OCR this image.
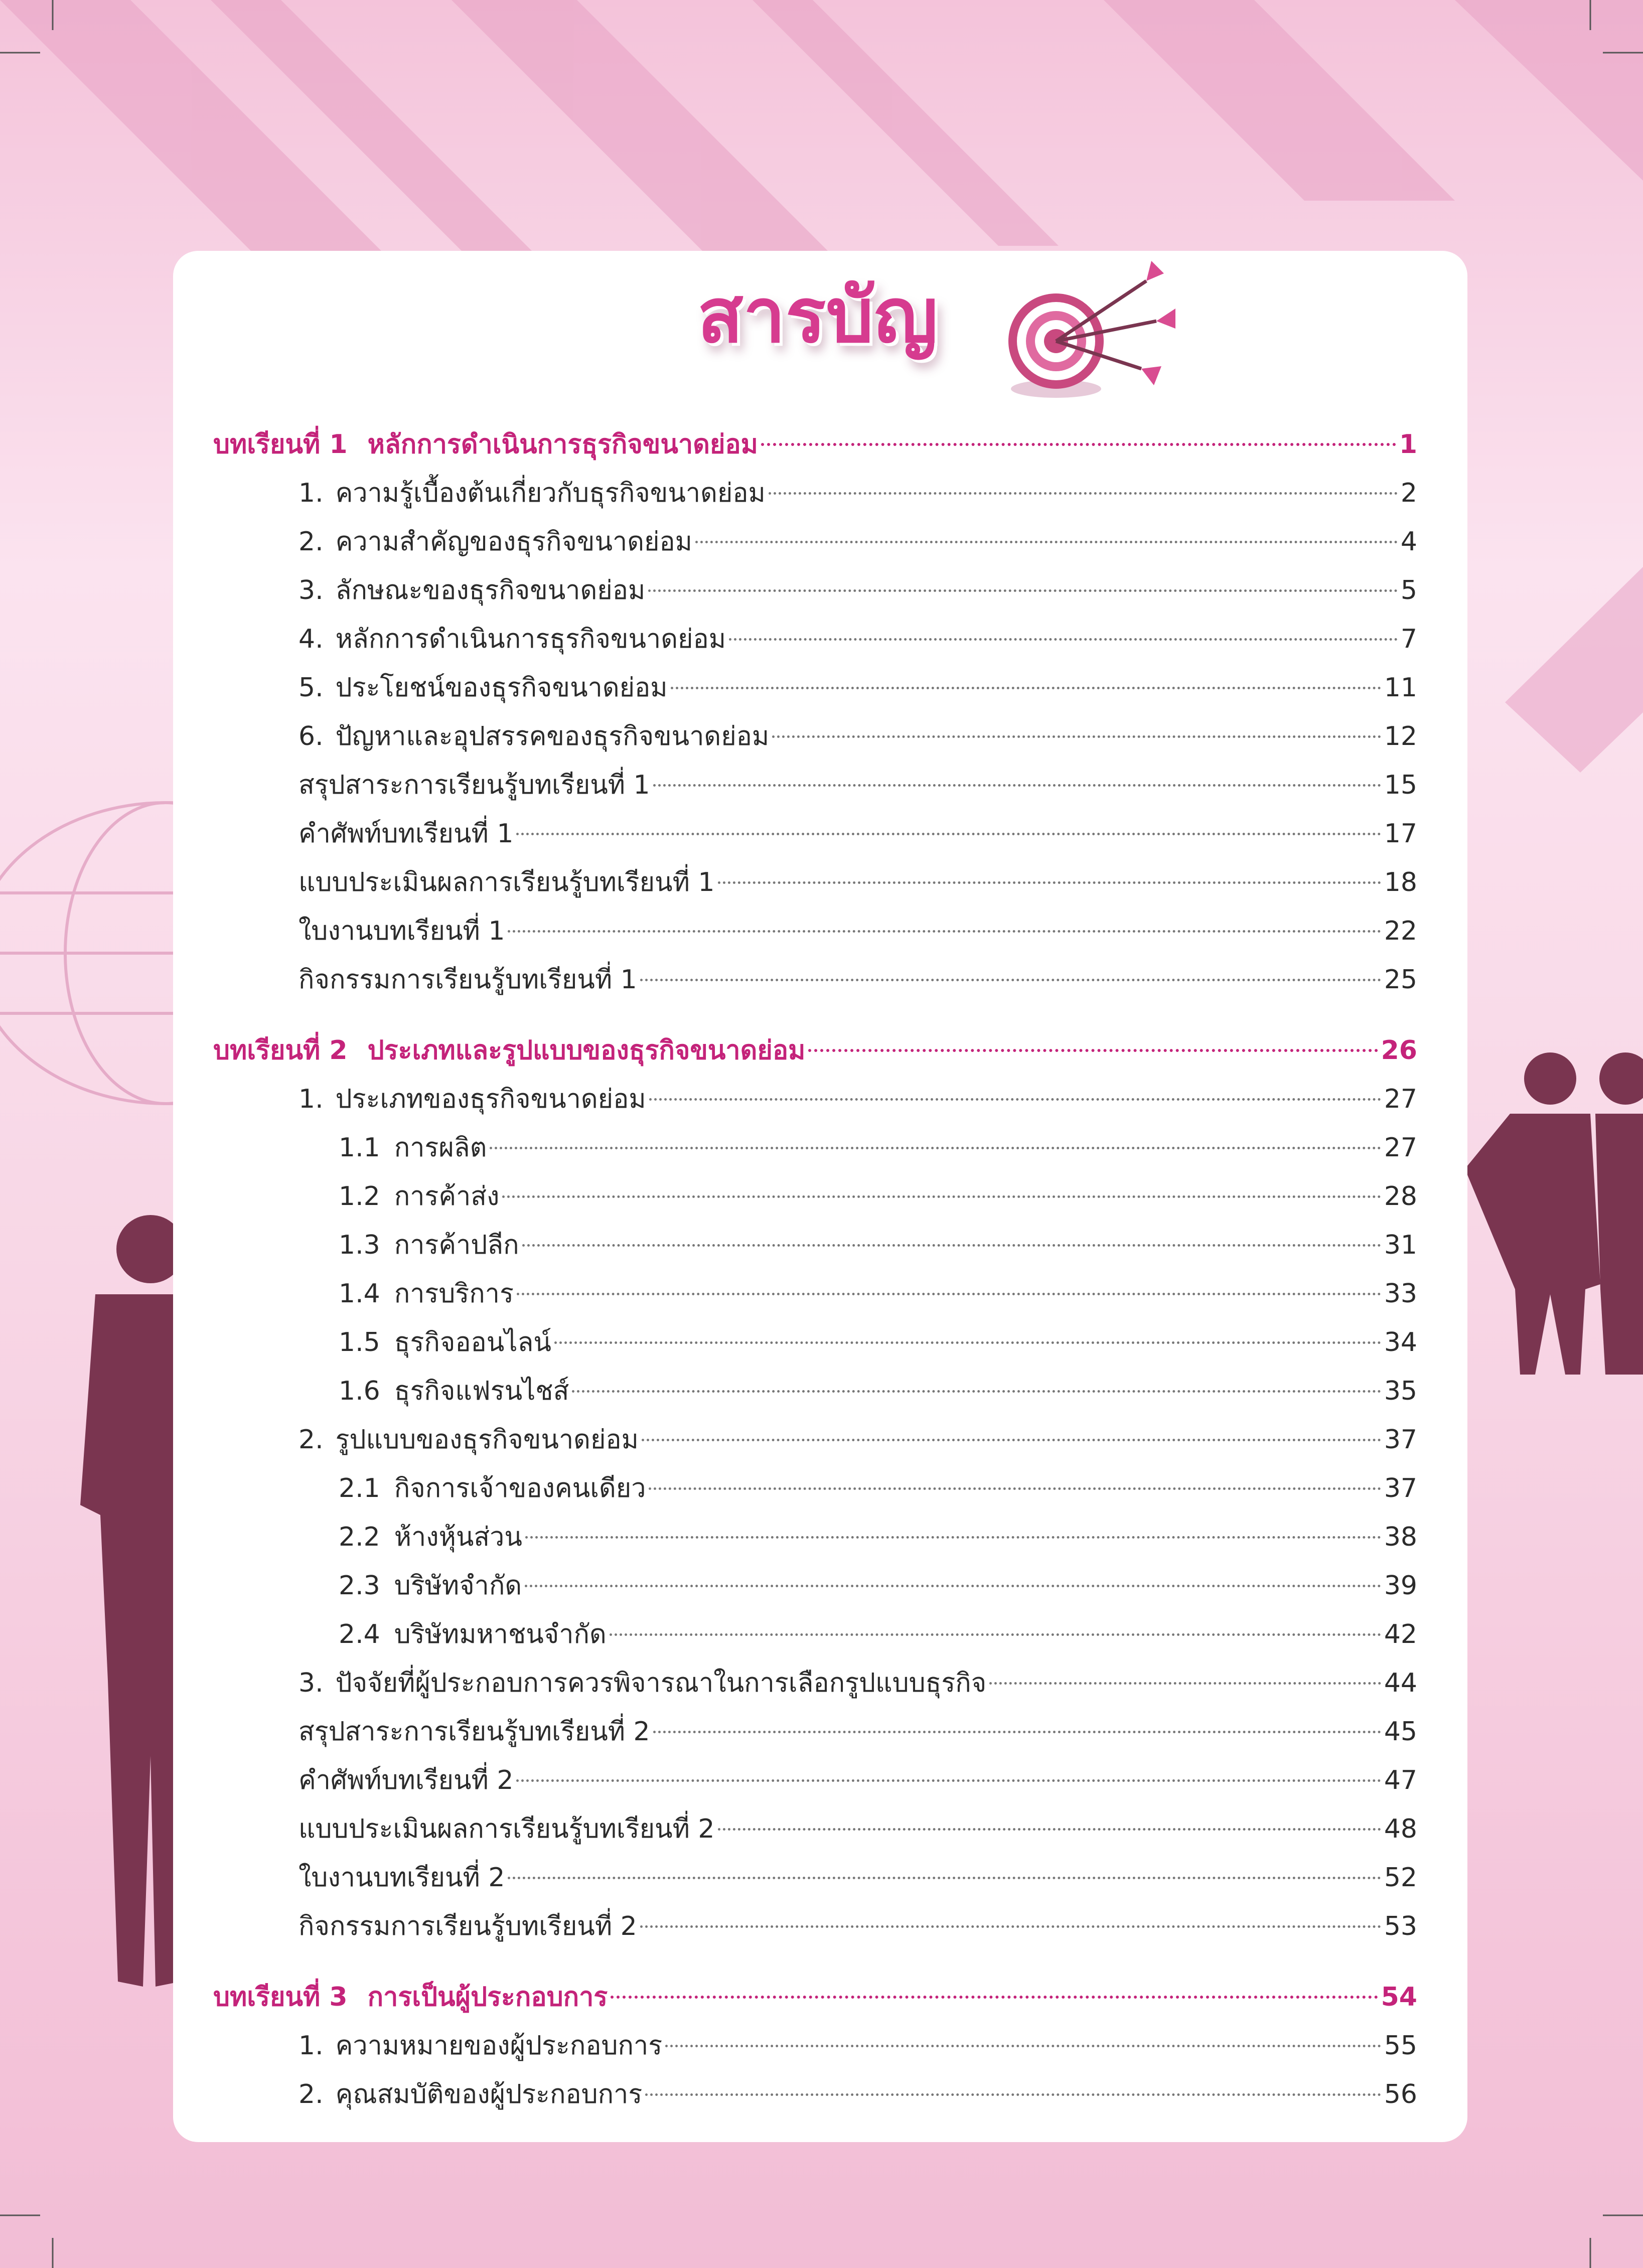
สารบัญ
บทเรียนที่ 1 หลักการดำเนินการธุรกิจขนาดย่อม	1
1. ความรู้เบื้องต้นเกี่ยวกับธุรกิจขนาดย่อม	2
2. ความสำคัญของธุรกิจขนาดย่อม	4
3. ลักษณะของธุรกิจขนาดย่อม	5
4. หลักการดำเนินการธุรกิจขนาดย่อม	7
5. ประโยชน์ของธุรกิจขนาดย่อม	11
6. ปัญหาและอุปสรรคของธุรกิจขนาดย่อม	12
สรุปสาระการเรียนรู้บทเรียนที่ 1	15
คำศัพท์บทเรียนที่ 1	17
แบบประเมินผลการเรียนรู้บทเรียนที่ 1	18
ใบงานบทเรียนที่ 1	22
กิจกรรมการเรียนรู้บทเรียนที่ 1	25
บทเรียนที่ 2 ประเภทและรูปแบบของธุรกิจขนาดย่อม	26
1. ประเภทของธุรกิจขนาดย่อม	27
1.1 การผลิต	27
1.2 การค้าส่ง	28
1.3 การค้าปลีก	31
1.4 การบริการ	33
1.5 ธุรกิจออนไลน์	34
1.6 ธุรกิจแฟรนไชส์	35
2. รูปแบบของธุรกิจขนาดย่อม	37
2.1 กิจการเจ้าของคนเดียว	37
2.2 ห้างหุ้นส่วน	38
2.3 บริษัทจำกัด	39
2.4 บริษัทมหาชนจำกัด	42
3. ปัจจัยที่ผู้ประกอบการควรพิจารณาในการเลือกรูปแบบธุรกิจ	44
สรุปสาระการเรียนรู้บทเรียนที่ 2	45
คำศัพท์บทเรียนที่ 2	47
แบบประเมินผลการเรียนรู้บทเรียนที่ 2	48
ใบงานบทเรียนที่ 2	52
กิจกรรมการเรียนรู้บทเรียนที่ 2	53
บทเรียนที่ 3 การเป็นผู้ประกอบการ	54
1. ความหมายของผู้ประกอบการ	55
2. คุณสมบัติของผู้ประกอบการ	56
